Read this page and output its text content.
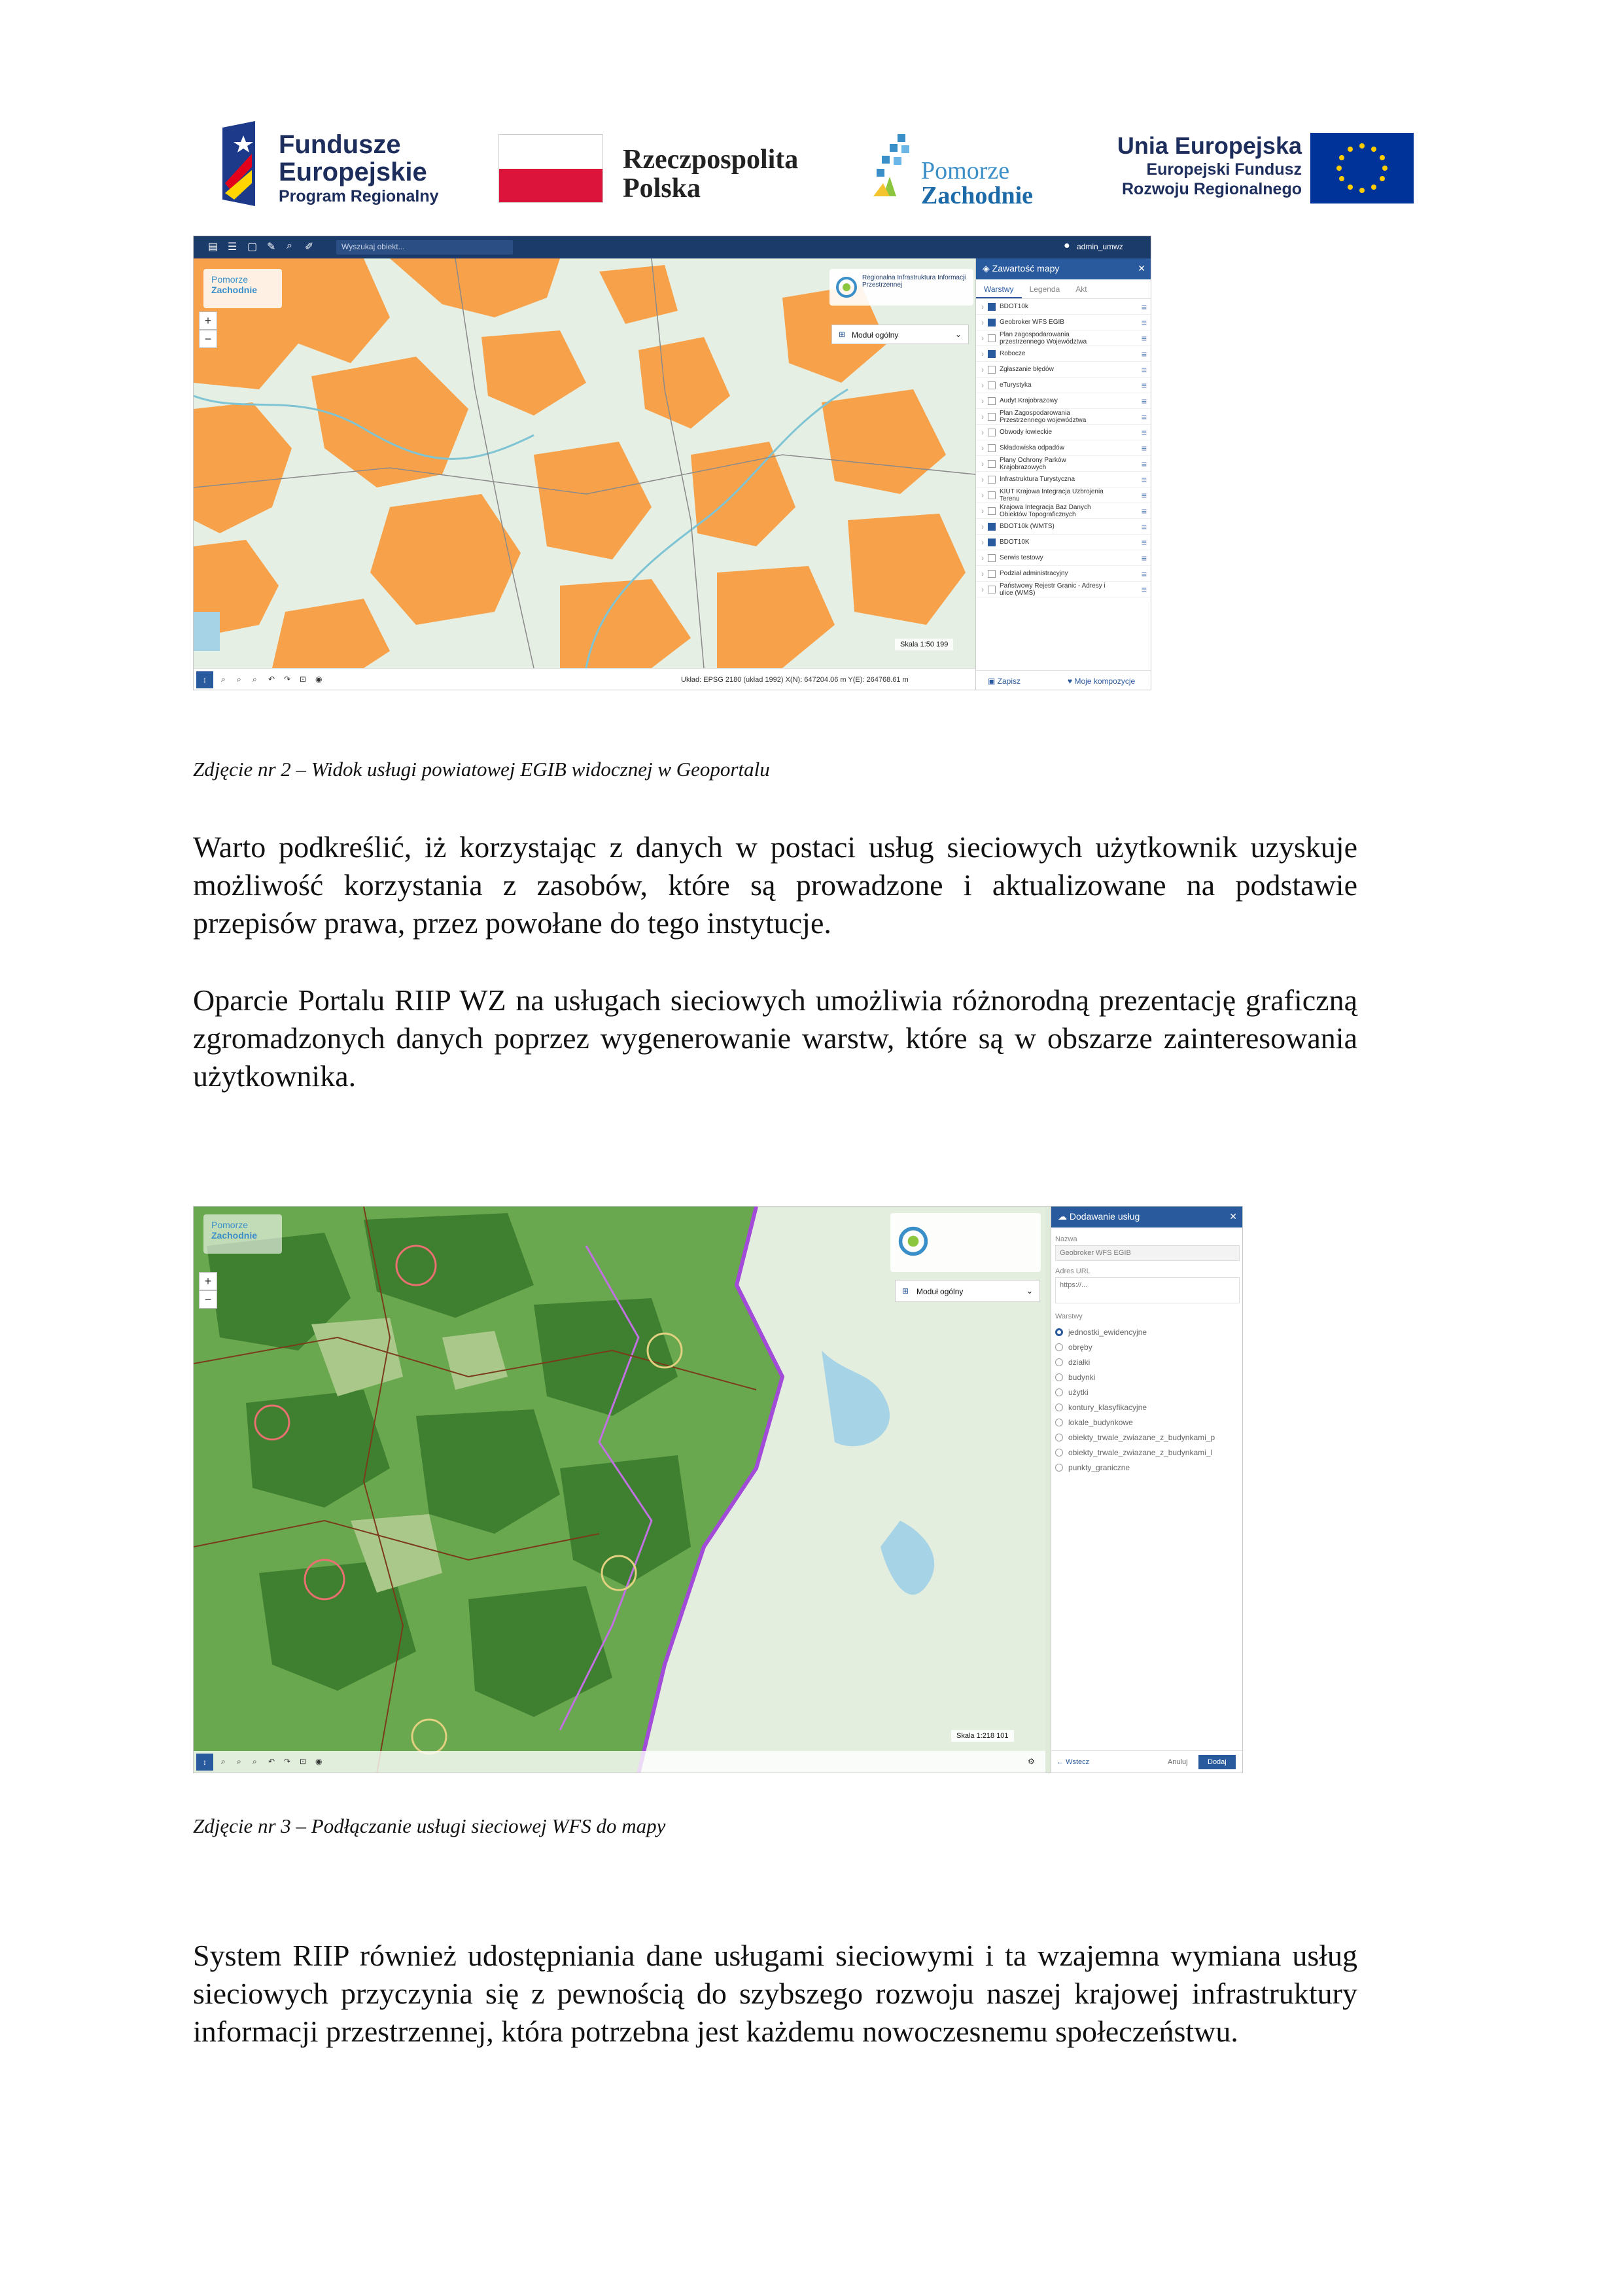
Fundusze
Europejskie
Program Regionalny
Rzeczpospolita
Polska
Pomorze
Zachodnie
Unia Europejska
Europejski Fundusz
Rozwoju Regionalnego
▤ ☰ ▢ ✎ ⌕ ✐	Wyszukaj obiekt...	● admin_umwz
Pomorze
Zachodnie
Regionalna Infrastruktura Informacji Przestrzennej
⊞ Moduł ogólny	⌄
+
−
↕	⌕ ⌕ ⌕ ↶ ↷ ⊡ ◉	Układ: EPSG 2180 (układ 1992) X(N): 647204.06 m Y(E): 264768.61 m
Skala 1:50 199
◈ Zawartość mapy	✕
Warstwy	Legenda	Akt
› BDOT10k	≡
› Geobroker WFS EGIB	≡
› Plan zagospodarowania przestrzennego Województwa	≡
› Robocze	≡
› Zgłaszanie błędów	≡
› eTurystyka	≡
› Audyt Krajobrazowy	≡
› Plan Zagospodarowania Przestrzennego województwa	≡
› Obwody łowieckie	≡
› Składowiska odpadów	≡
› Plany Ochrony Parków Krajobrazowych	≡
› Infrastruktura Turystyczna	≡
› KIUT Krajowa Integracja Uzbrojenia Terenu	≡
› Krajowa Integracja Baz Danych Obiektów Topograficznych	≡
› BDOT10k (WMTS)	≡
› BDOT10K	≡
› Serwis testowy	≡
› Podział administracyjny	≡
› Państwowy Rejestr Granic - Adresy i ulice (WMS)	≡
▣ Zapisz	♥ Moje kompozycje
Zdjęcie nr 2 – Widok usługi powiatowej EGIB widocznej w Geoportalu
Warto podkreślić, iż korzystając z danych w postaci usług sieciowych użytkownik uzyskuje możliwość korzystania z zasobów, które są prowadzone i aktualizowane na podstawie przepisów prawa, przez powołane do tego instytucje.
Oparcie Portalu RIIP WZ na usługach sieciowych umożliwia różnorodną prezentację graficzną zgromadzonych danych poprzez wygenerowanie warstw, które są w obszarze zainteresowania użytkownika.
Pomorze
Zachodnie
⊞ Moduł ogólny	⌄
+
−
Skala 1:218 101
↕	⌕ ⌕ ⌕ ↶ ↷ ⊡ ◉	⚙
☁ Dodawanie usług	✕
Nazwa
Geobroker WFS EGIB
Adres URL
https://...
Warstwy
jednostki_ewidencyjne
obręby
działki
budynki
użytki
kontury_klasyfikacyjne
lokale_budynkowe
obiekty_trwale_zwiazane_z_budynkami_p
obiekty_trwale_zwiazane_z_budynkami_l
punkty_graniczne
← Wstecz	Anuluj	Dodaj
Zdjęcie nr 3 – Podłączanie usługi sieciowej WFS do mapy
System RIIP również udostępniania dane usługami sieciowymi i ta wzajemna wymiana usług sieciowych przyczynia się z pewnością do szybszego rozwoju naszej krajowej infrastruktury informacji przestrzennej, która potrzebna jest każdemu nowoczesnemu społeczeństwu.
